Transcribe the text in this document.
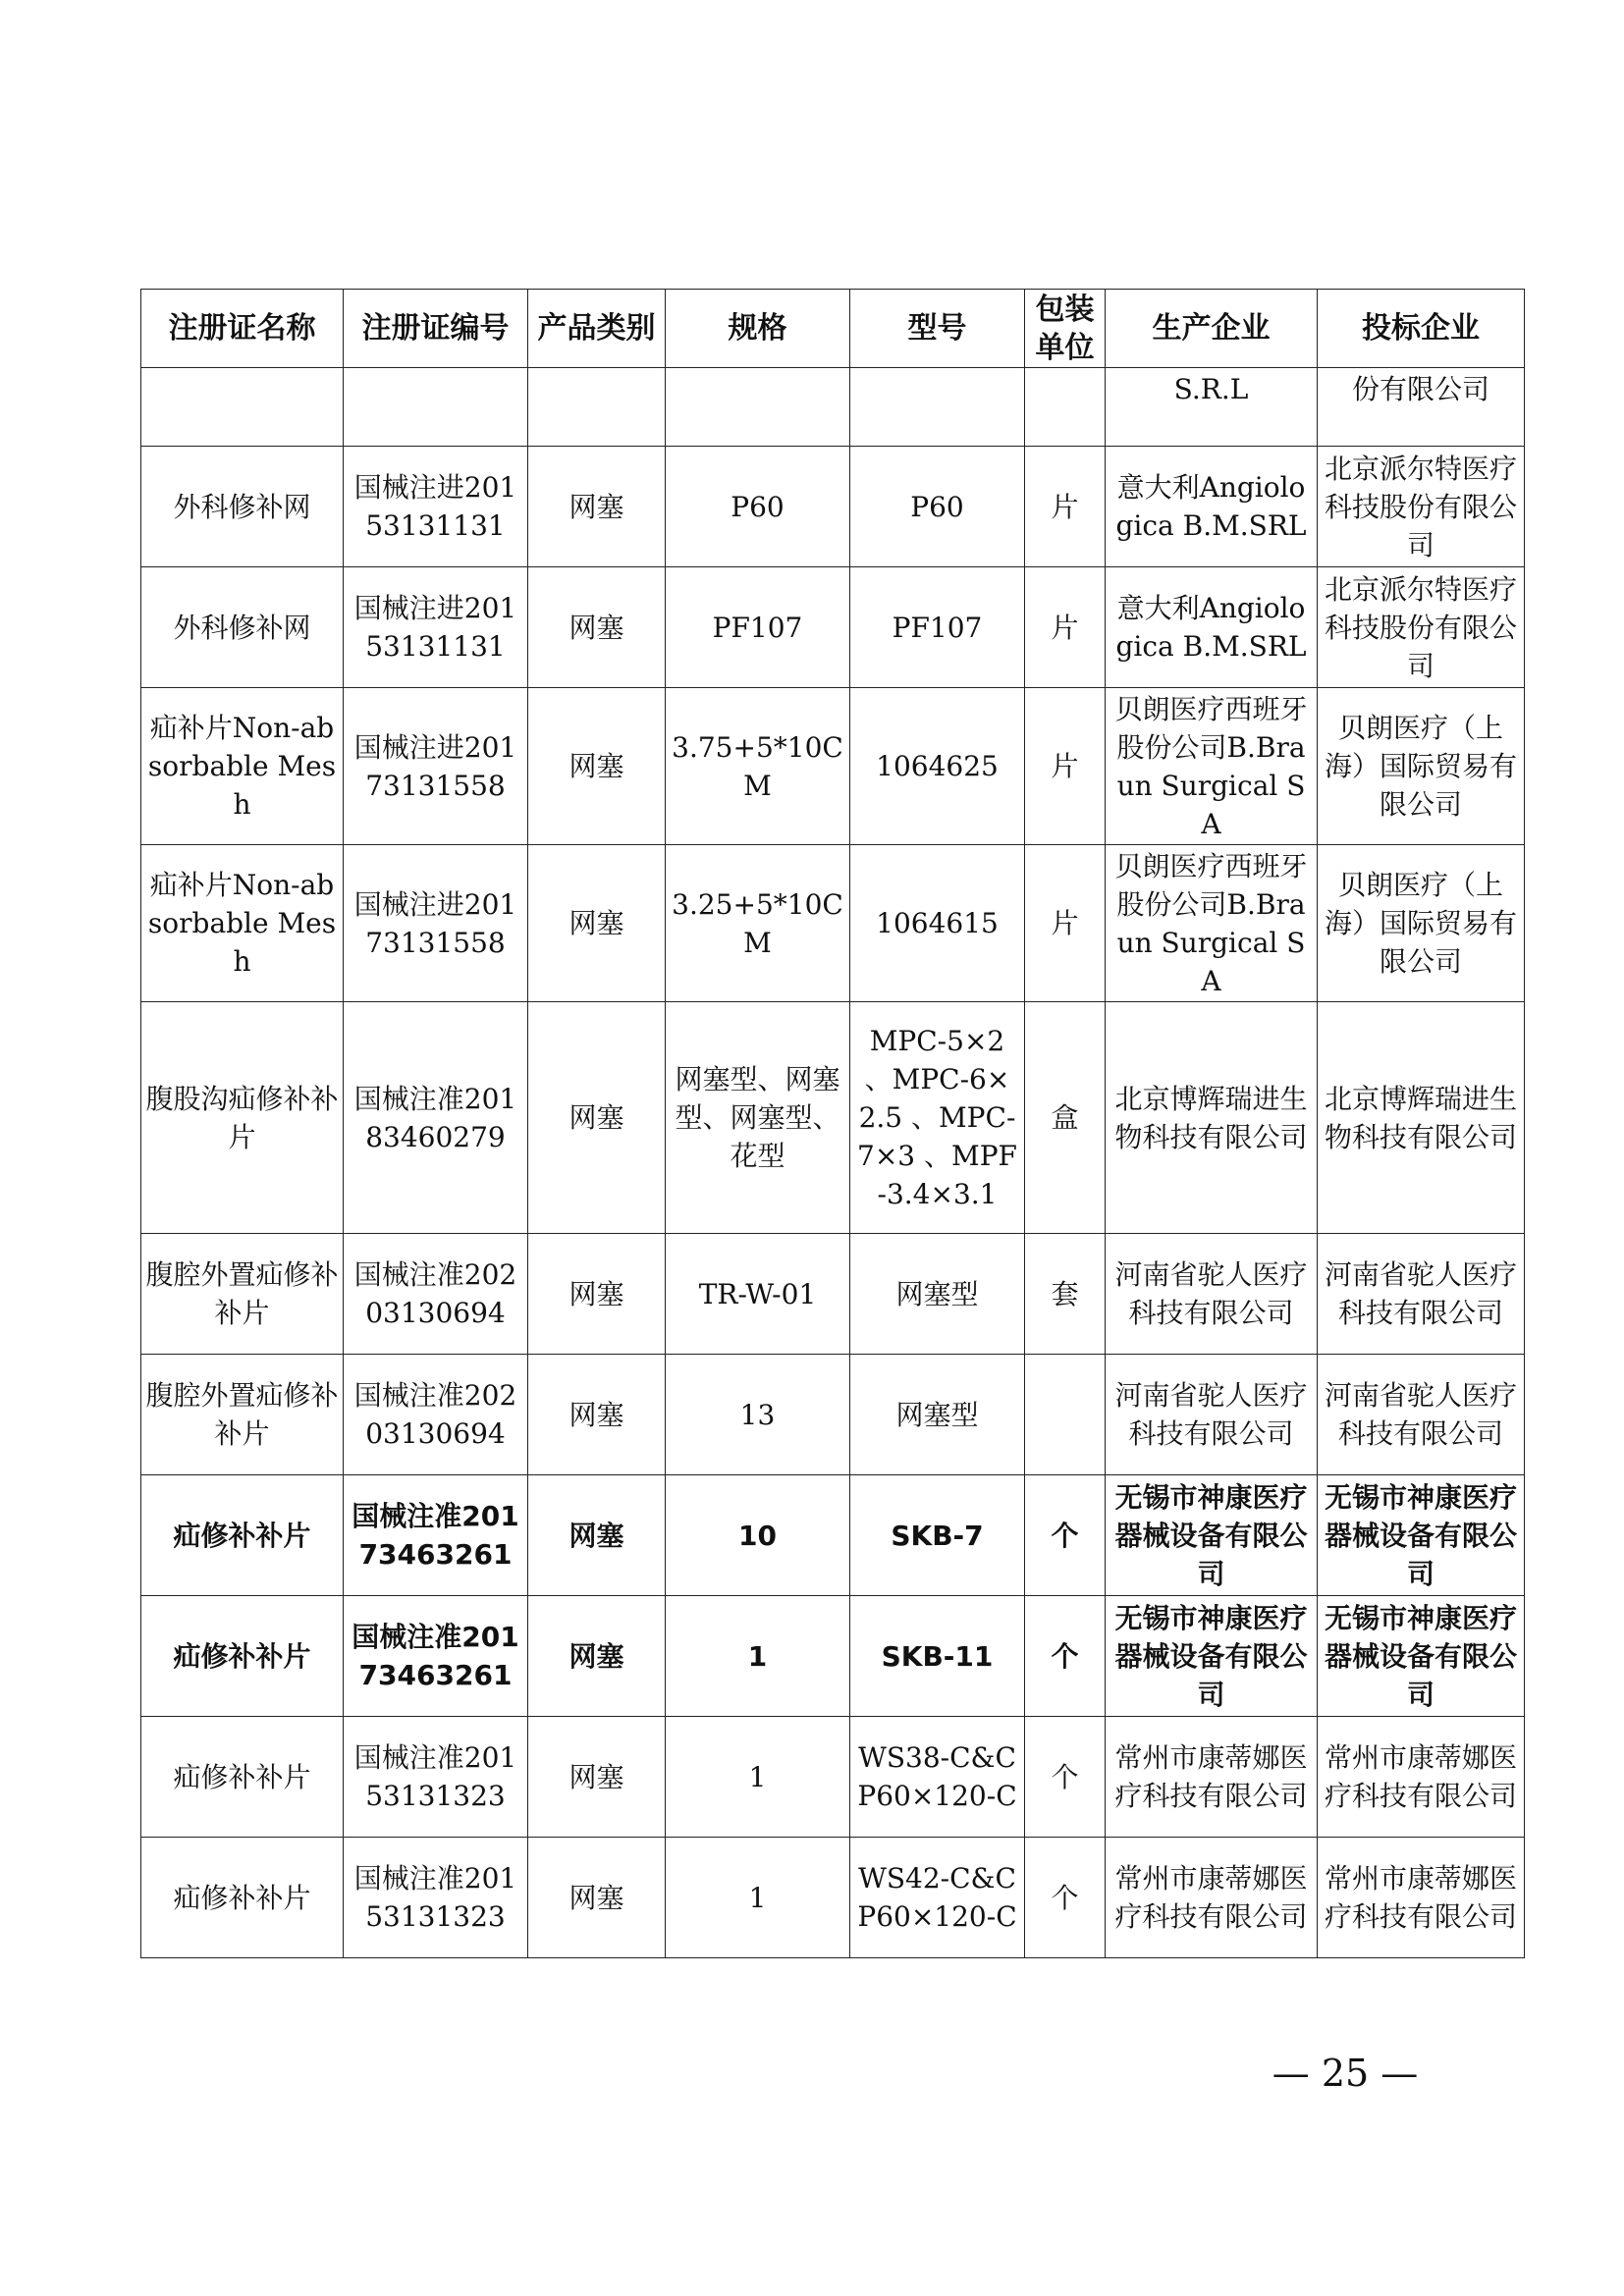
注册证名称	注册证编号	产品类别	规格	型号	包装单位	生产企业	投标企业
						S.R.L	份有限公司
外科修补网	国械注进20153131131	网塞	P60	P60	片	意大利Angiologica B.M.SRL	北京派尔特医疗科技股份有限公司
外科修补网	国械注进20153131131	网塞	PF107	PF107	片	意大利Angiologica B.M.SRL	北京派尔特医疗科技股份有限公司
疝补片Non-absorbable Mesh	国械注进20173131558	网塞	3.75+5*10CM	1064625	片	贝朗医疗西班牙股份公司B.Braun Surgical SA	贝朗医疗（上海）国际贸易有限公司
疝补片Non-absorbable Mesh	国械注进20173131558	网塞	3.25+5*10CM	1064615	片	贝朗医疗西班牙股份公司B.Braun Surgical SA	贝朗医疗（上海）国际贸易有限公司
腹股沟疝修补补片	国械注准20183460279	网塞	网塞型、网塞型、网塞型、花型	MPC-5×2 、MPC-6×2.5 、MPC-7×3 、MPF-3.4×3.1	盒	北京博辉瑞进生物科技有限公司	北京博辉瑞进生物科技有限公司
腹腔外置疝修补补片	国械注准20203130694	网塞	TR-W-01	网塞型	套	河南省驼人医疗科技有限公司	河南省驼人医疗科技有限公司
腹腔外置疝修补补片	国械注准20203130694	网塞	13	网塞型		河南省驼人医疗科技有限公司	河南省驼人医疗科技有限公司
疝修补补片	国械注准20173463261	网塞	10	SKB-7	个	无锡市神康医疗器械设备有限公司	无锡市神康医疗器械设备有限公司
疝修补补片	国械注准20173463261	网塞	1	SKB-11	个	无锡市神康医疗器械设备有限公司	无锡市神康医疗器械设备有限公司
疝修补补片	国械注准20153131323	网塞	1	WS38-C&CP60×120-C	个	常州市康蒂娜医疗科技有限公司	常州市康蒂娜医疗科技有限公司
疝修补补片	国械注准20153131323	网塞	1	WS42-C&CP60×120-C	个	常州市康蒂娜医疗科技有限公司	常州市康蒂娜医疗科技有限公司
— 25 —
